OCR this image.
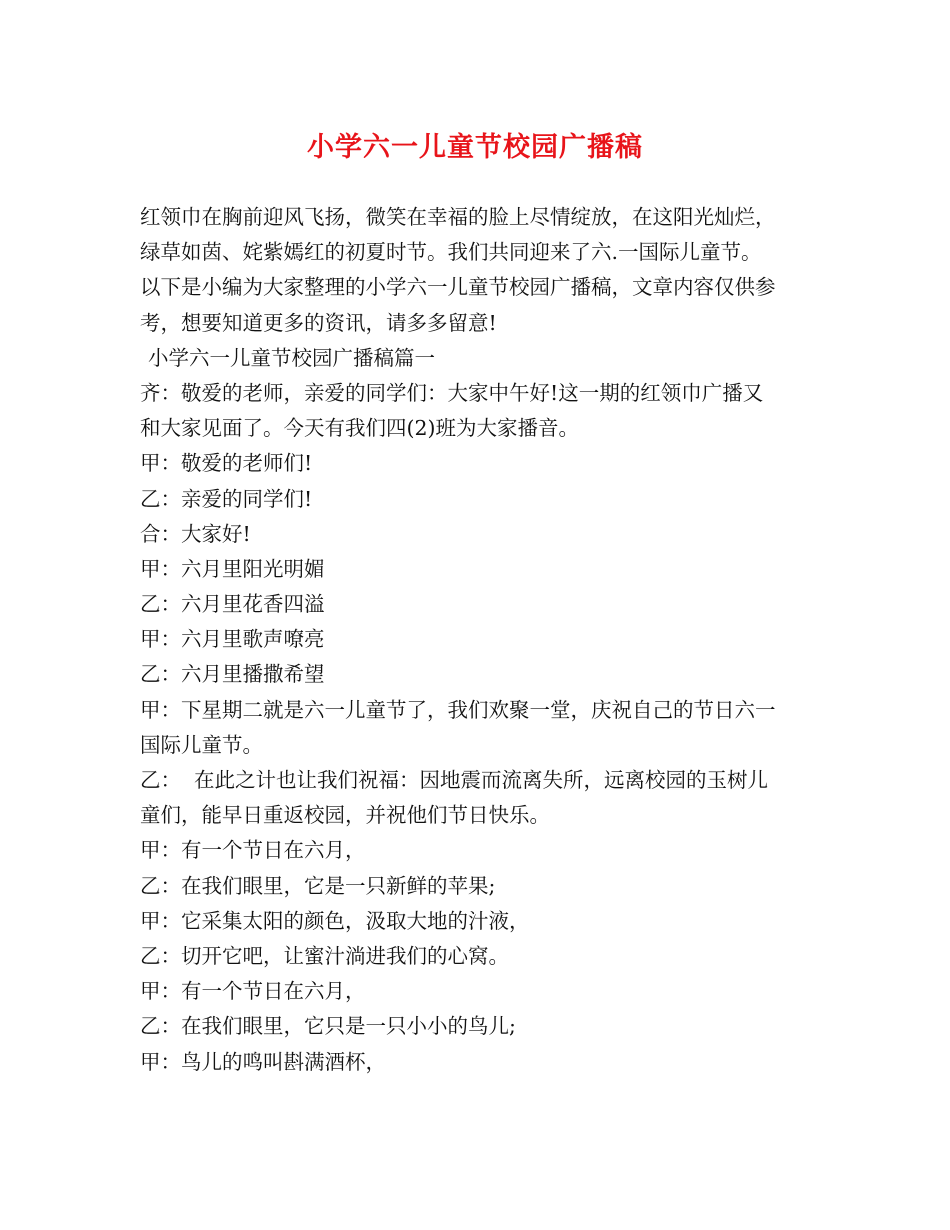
小学六一儿童节校园广播稿
红领巾在胸前迎风飞扬，微笑在幸福的脸上尽情绽放，在这阳光灿烂，
绿草如茵、姹紫嫣红的初夏时节。我们共同迎来了六.一国际儿童节。
以下是小编为大家整理的小学六一儿童节校园广播稿，文章内容仅供参
考，想要知道更多的资讯，请多多留意!
小学六一儿童节校园广播稿篇一
齐：敬爱的老师，亲爱的同学们：大家中午好!这一期的红领巾广播又
和大家见面了。今天有我们四(2)班为大家播音。
甲：敬爱的老师们!
乙：亲爱的同学们!
合：大家好!
甲：六月里阳光明媚
乙：六月里花香四溢
甲：六月里歌声嘹亮
乙：六月里播撒希望
甲：下星期二就是六一儿童节了，我们欢聚一堂，庆祝自己的节日六一
国际儿童节。
乙：  在此之计也让我们祝福：因地震而流离失所，远离校园的玉树儿
童们，能早日重返校园，并祝他们节日快乐。
甲：有一个节日在六月，
乙：在我们眼里，它是一只新鲜的苹果;
甲：它采集太阳的颜色，汲取大地的汁液，
乙：切开它吧，让蜜汁淌进我们的心窝。
甲：有一个节日在六月，
乙：在我们眼里，它只是一只小小的鸟儿;
甲：鸟儿的鸣叫斟满酒杯，
